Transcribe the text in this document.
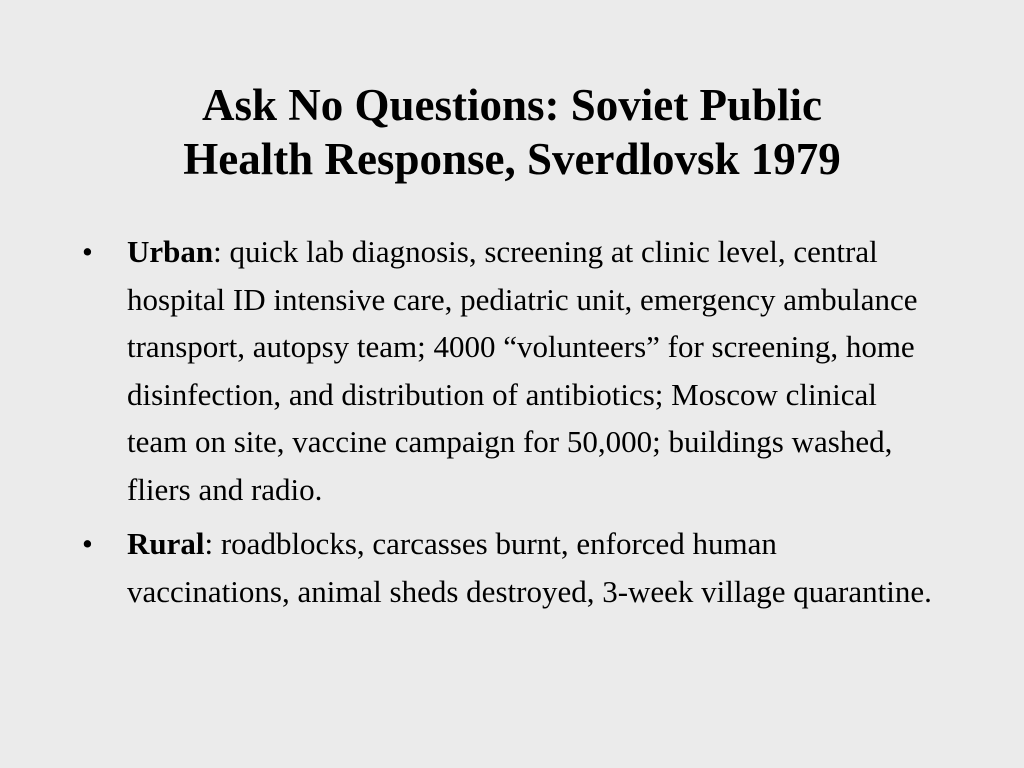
Ask No Questions: Soviet Public
Health Response, Sverdlovsk 1979
•	Urban: quick lab diagnosis, screening at clinic level, central hospital ID intensive care, pediatric unit, emergency ambulance transport, autopsy team; 4000 “volunteers” for screening, home disinfection, and distribution of antibiotics; Moscow clinical team on site, vaccine campaign for 50,000; buildings washed, fliers and radio.
•	Rural: roadblocks, carcasses burnt, enforced human vaccinations, animal sheds destroyed, 3-week village quarantine.
